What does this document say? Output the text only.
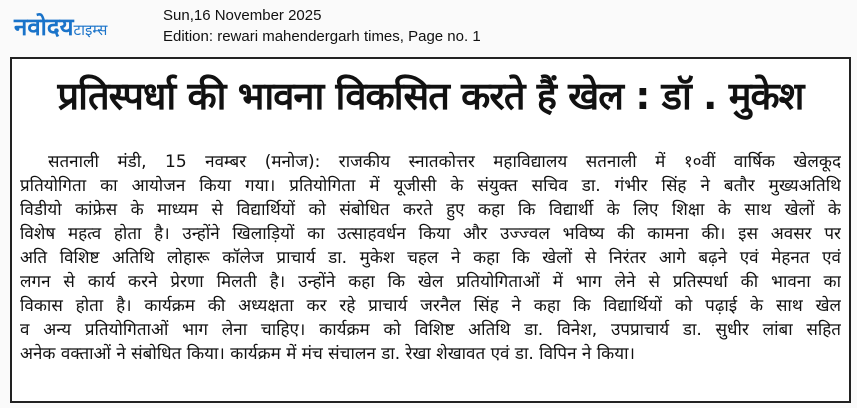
नवोदयटाइम्स
Sun,16 November 2025
Edition: rewari mahendergarh times, Page no. 1
प्रतिस्पर्धा की भावना विकसित करते हैं खेल : डॉ . मुकेश
सतनाली मंडी, 15 नवम्बर (मनोज): राजकीय स्नातकोत्तर महाविद्यालय सतनाली में १०वीं वार्षिक खेलकूद
प्रतियोगिता का आयोजन किया गया। प्रतियोगिता में यूजीसी के संयुक्त सचिव डा. गंभीर सिंह ने बतौर मुख्यअतिथि
विडीयो कांफ्रेस के माध्यम से विद्यार्थियों को संबोधित करते हुए कहा कि विद्यार्थी के लिए शिक्षा के साथ खेलों के
विशेष महत्व होता है। उन्होंने खिलाड़ियों का उत्साहवर्धन किया और उज्ज्वल भविष्य की कामना की। इस अवसर पर
अति विशिष्ट अतिथि लोहारू कॉलेज प्राचार्य डा. मुकेश चहल ने कहा कि खेलों से निरंतर आगे बढ़ने एवं मेहनत एवं
लगन से कार्य करने प्रेरणा मिलती है। उन्होंने कहा कि खेल प्रतियोगिताओं में भाग लेने से प्रतिस्पर्धा की भावना का
विकास होता है। कार्यक्रम की अध्यक्षता कर रहे प्राचार्य जरनैल सिंह ने कहा कि विद्यार्थियों को पढ़ाई के साथ खेल
व अन्य प्रतियोगिताओं भाग लेना चाहिए। कार्यक्रम को विशिष्ट अतिथि डा. विनेश, उपप्राचार्य डा. सुधीर लांबा सहित
अनेक वक्ताओं ने संबोधित किया। कार्यक्रम में मंच संचालन डा. रेखा शेखावत एवं डा. विपिन ने किया।
